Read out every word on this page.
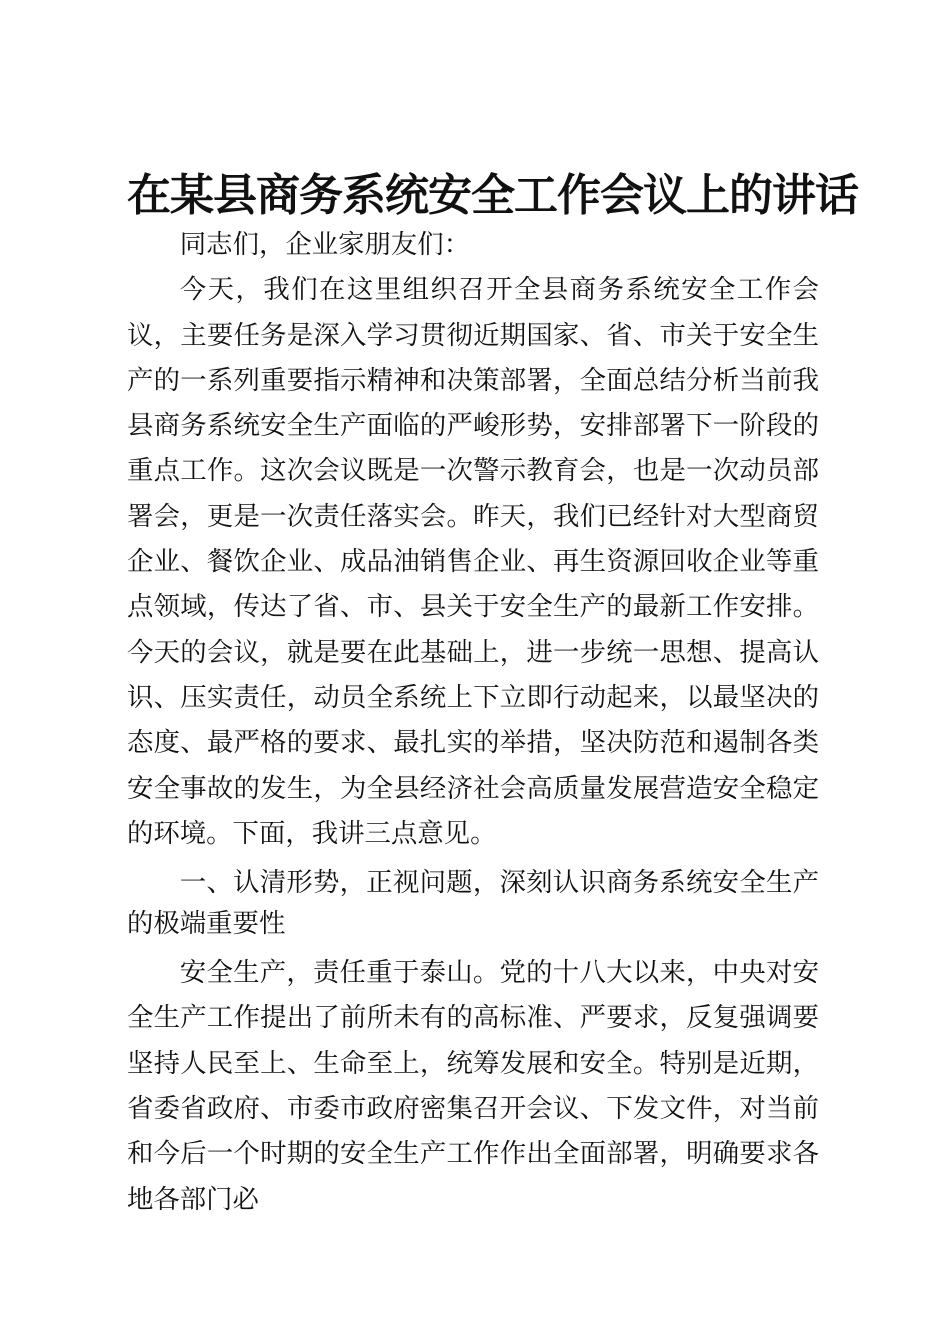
在某县商务系统安全工作会议上的讲话

同志们，企业家朋友们：

今天，我们在这里组织召开全县商务系统安全工作会议，主要任务是深入学习贯彻近期国家、省、市关于安全生产的一系列重要指示精神和决策部署，全面总结分析当前我县商务系统安全生产面临的严峻形势，安排部署下一阶段的重点工作。这次会议既是一次警示教育会，也是一次动员部署会，更是一次责任落实会。昨天，我们已经针对大型商贸企业、餐饮企业、成品油销售企业、再生资源回收企业等重点领域，传达了省、市、县关于安全生产的最新工作安排。今天的会议，就是要在此基础上，进一步统一思想、提高认识、压实责任，动员全系统上下立即行动起来，以最坚决的态度、最严格的要求、最扎实的举措，坚决防范和遏制各类安全事故的发生，为全县经济社会高质量发展营造安全稳定的环境。下面，我讲三点意见。

一、认清形势，正视问题，深刻认识商务系统安全生产的极端重要性

安全生产，责任重于泰山。党的十八大以来，中央对安全生产工作提出了前所未有的高标准、严要求，反复强调要坚持人民至上、生命至上，统筹发展和安全。特别是近期，省委省政府、市委市政府密集召开会议、下发文件，对当前和今后一个时期的安全生产工作作出全面部署，明确要求各地各部门必
